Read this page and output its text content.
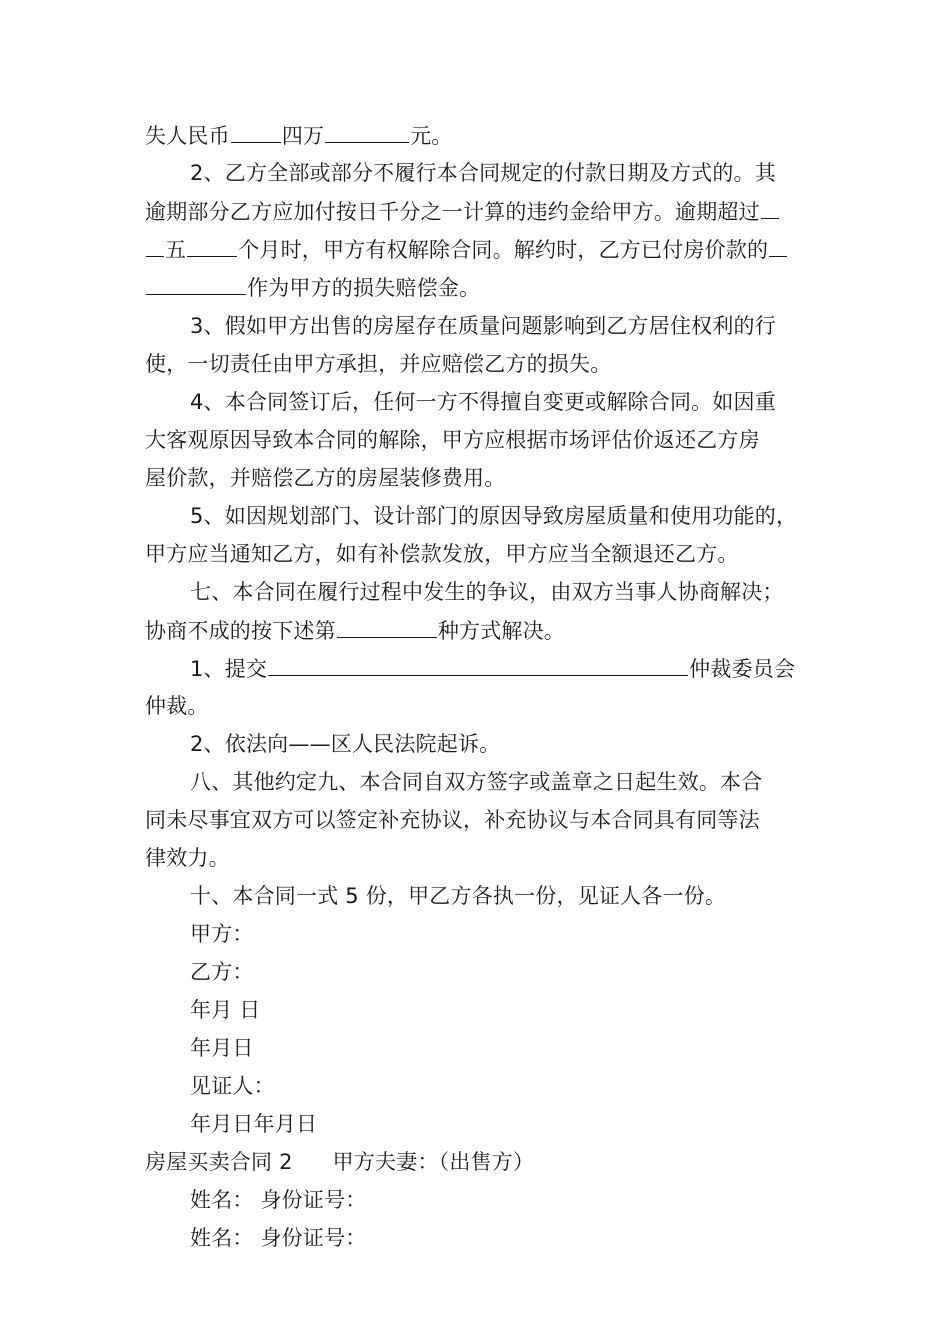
失人民币 四万	元。
2、乙方全部或部分不履行本合同规定的付款日期及方式的。其
逾期部分乙方应加付按日千分之一计算的违约金给甲方。逾期超过
五 个月时，甲方有权解除合同。解约时，乙方已付房价款的
作为甲方的损失赔偿金。
3、假如甲方出售的房屋存在质量问题影响到乙方居住权利的行
使，一切责任由甲方承担，并应赔偿乙方的损失。
4、本合同签订后，任何一方不得擅自变更或解除合同。如因重
大客观原因导致本合同的解除，甲方应根据市场评估价返还乙方房
屋价款，并赔偿乙方的房屋装修费用。
5、如因规划部门、设计部门的原因导致房屋质量和使用功能的，
甲方应当通知乙方，如有补偿款发放，甲方应当全额退还乙方。
七、本合同在履行过程中发生的争议，由双方当事人协商解决；
协商不成的按下述第	种方式解决。
1、提交	仲裁委员会
仲裁。
2、依法向——区人民法院起诉。
八、其他约定九、本合同自双方签字或盖章之日起生效。本合
同未尽事宜双方可以签定补充协议，补充协议与本合同具有同等法
律效力。
十、本合同一式 5 份，甲乙方各执一份，见证人各一份。
甲方：
乙方：
年月 日
年月日
见证人：
年月日年月日
房屋买卖合同 2 甲方夫妻：（出售方）
姓名： 身份证号：
姓名： 身份证号：
